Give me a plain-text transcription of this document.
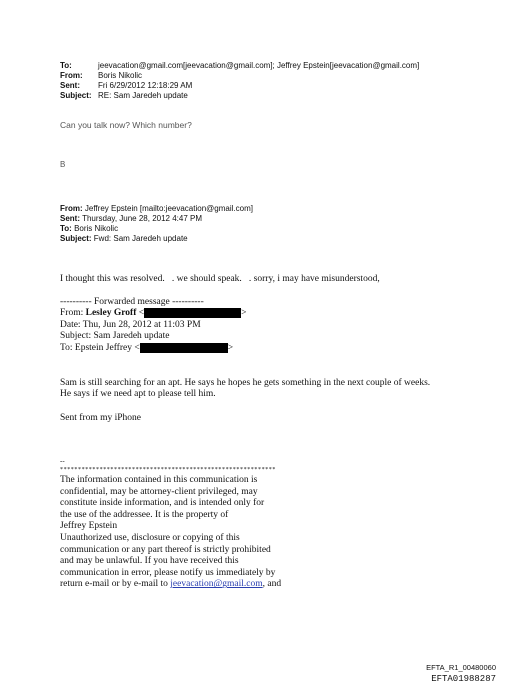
To:	jeevacation@gmail.com[jeevacation@gmail.com]; Jeffrey Epstein[jeevacation@gmail.com]
From: Boris Nikolic
Sent: Fri 6/29/2012 12:18:29 AM
Subject: RE: Sam Jaredeh update
Can you talk now? Which number?
B
From: Jeffrey Epstein [mailto:jeevacation@gmail.com]
Sent: Thursday, June 28, 2012 4:47 PM
To: Boris Nikolic
Subject: Fwd: Sam Jaredeh update
I thought this was resolved.   . we should speak.   . sorry, i may have misunderstood,
---------- Forwarded message ----------
From: Lesley Groff <	>
Date: Thu, Jun 28, 2012 at 11:03 PM
Subject: Sam Jaredeh update
To: Epstein Jeffrey <	>
Sam is still searching for an apt. He says he hopes he gets something in the next couple of weeks.
He says if we need apt to please tell him.
Sent from my iPhone
--
************************************************************
The information contained in this communication is
confidential, may be attorney-client privileged, may
constitute inside information, and is intended only for
the use of the addressee. It is the property of
Jeffrey Epstein
Unauthorized use, disclosure or copying of this
communication or any part thereof is strictly prohibited
and may be unlawful. If you have received this
communication in error, please notify us immediately by
return e-mail or by e-mail to jeevacation@gmail.com, and
EFTA_R1_00480060
EFTA01988287
